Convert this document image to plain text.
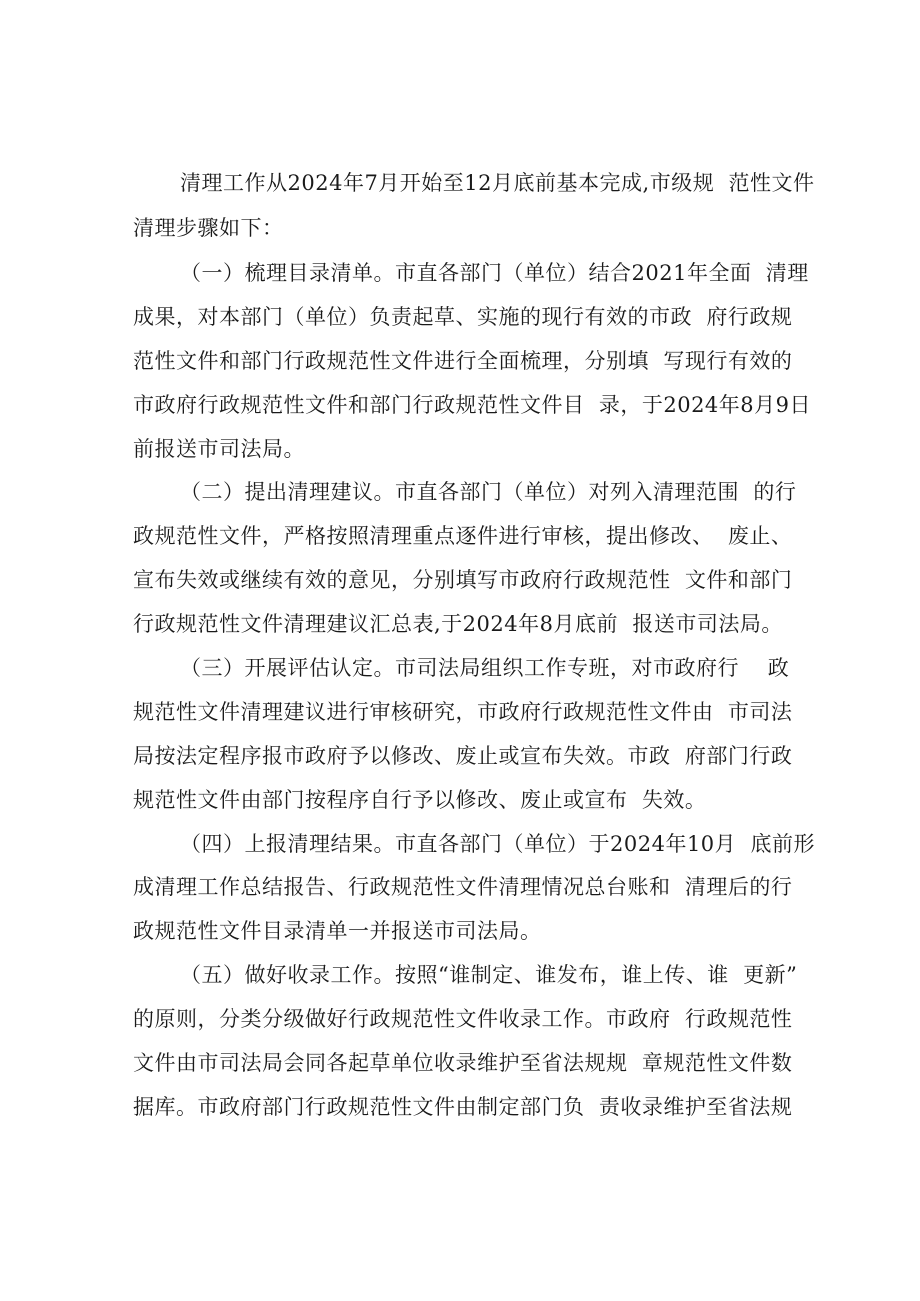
清理工作从2024年7月开始至12月底前基本完成,市级规  范性文件
清理步骤如下：
（一）梳理目录清单。市直各部门（单位）结合2021年全面  清理
成果，对本部门（单位）负责起草、实施的现行有效的市政  府行政规
范性文件和部门行政规范性文件进行全面梳理，分别填  写现行有效的
市政府行政规范性文件和部门行政规范性文件目  录，于2024年8月9日
前报送市司法局。
（二）提出清理建议。市直各部门（单位）对列入清理范围  的行
政规范性文件，严格按照清理重点逐件进行审核，提出修改、  废止、
宣布失效或继续有效的意见，分别填写市政府行政规范性  文件和部门
行政规范性文件清理建议汇总表,于2024年8月底前  报送市司法局。
（三）开展评估认定。市司法局组织工作专班，对市政府行    政
规范性文件清理建议进行审核研究，市政府行政规范性文件由  市司法
局按法定程序报市政府予以修改、废止或宣布失效。市政  府部门行政
规范性文件由部门按程序自行予以修改、废止或宣布  失效。
（四）上报清理结果。市直各部门（单位）于2024年10月  底前形
成清理工作总结报告、行政规范性文件清理情况总台账和  清理后的行
政规范性文件目录清单一并报送市司法局。
（五）做好收录工作。按照“谁制定、谁发布，谁上传、谁  更新”
的原则，分类分级做好行政规范性文件收录工作。市政府  行政规范性
文件由市司法局会同各起草单位收录维护至省法规规  章规范性文件数
据库。市政府部门行政规范性文件由制定部门负  责收录维护至省法规
